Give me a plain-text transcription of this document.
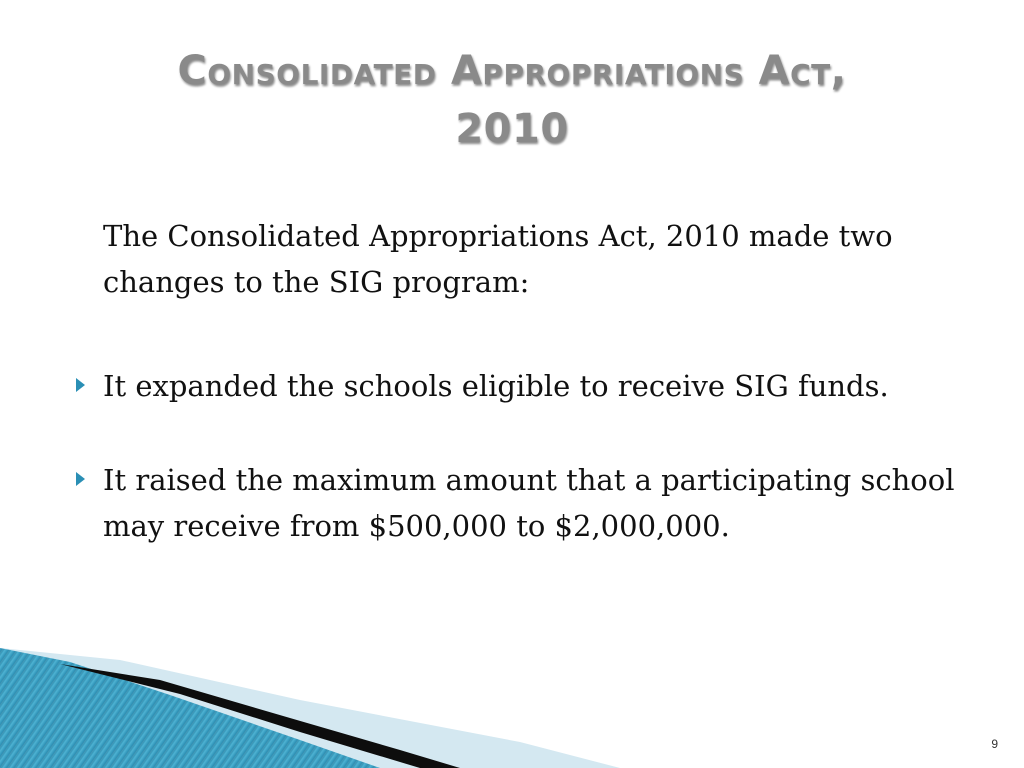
Consolidated Appropriations Act,
2010

The Consolidated Appropriations Act, 2010 made two changes to the SIG program:

It expanded the schools eligible to receive SIG funds.
It raised the maximum amount that a participating school may receive from $500,000 to $2,000,000.
9
